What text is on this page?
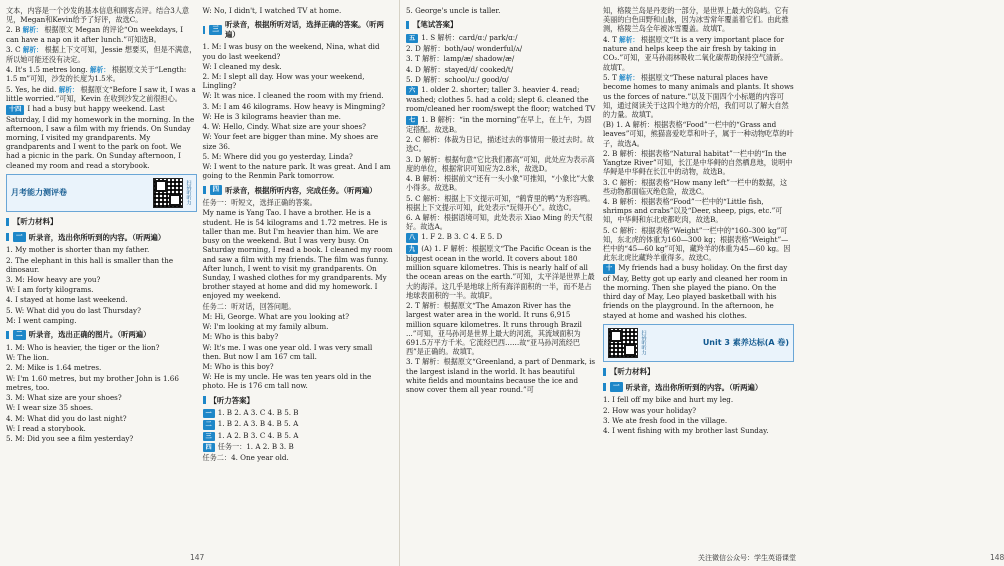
文本，内容是一个沙发的基本信息和顾客点评。结合3人意见，Megan和Kevin给予了好评，故选C。

2. B 解析： 根据原文 Megan 的评论“On weekdays, I can have a nap on it after lunch.”可知选B。

3. C 解析： 根据上下文可知，Jessie 想要买，但是不满意，所以她可能还没有决定。

4. It's 1.5 metres long. 解析： 根据原文关于“Length: 1.5 m”可知，沙发的长度为1.5米。

5. Yes, he did. 解析： 根据原文“Before I saw it, I was a little worried.”可知，Kevin 在收到沙发之前很担心。

十四 I had a busy but happy weekend. Last Saturday, I did my homework in the morning. In the afternoon, I saw a film with my friends. On Sunday morning, I visited my grandparents. My grandparents and I went to the park on foot. We had a picnic in the park. On Sunday afternoon, I cleaned my room and read a storybook.

月考能力测评卷	扫码听听力
【听力材料】
一 听录音，选出你所听到的内容。（听两遍）

1. My mother is shorter than my father.

2. The elephant in this hall is smaller than the dinosaur.

3. M: How heavy are you?

W: I am forty kilograms.

4. I stayed at home last weekend.

5. W: What did you do last Thursday?

M: I went camping.

二 听录音，选出正确的图片。（听两遍）

1. M: Who is heavier, the tiger or the lion?

W: The lion.

2. M: Mike is 1.64 metres.

W: I'm 1.60 metres, but my brother John is 1.66 metres, too.

3. M: What size are your shoes?

W: I wear size 35 shoes.

4. M: What did you do last night?

W: I read a storybook.

5. M: Did you see a film yesterday?

W: No, I didn't, I watched TV at home.

三 听录音，根据所听对话，选择正确的答案。（听两遍）

1. M: I was busy on the weekend, Nina, what did you do last weekend?

W: I cleaned my desk.

2. M: I slept all day. How was your weekend, Lingling?

W: It was nice. I cleaned the room with my friend.

3. M: I am 46 kilograms. How heavy is Mingming?

W: He is 3 kilograms heavier than me.

4. W: Hello, Cindy. What size are your shoes?

W: Your feet are bigger than mine. My shoes are size 36.

5. M: Where did you go yesterday, Linda?

W: I went to the nature park. It was great. And I am going to the Renmin Park tomorrow.

四 听录音，根据所听内容，完成任务。（听两遍）

任务一：听短文，选择正确的答案。

My name is Yang Tao. I have a brother. He is a student. He is 54 kilograms and 1.72 metres. He is taller than me. But I'm heavier than him. We are busy on the weekend. But I was very busy. On Saturday morning, I read a book. I cleaned my room and saw a film with my friends. The film was funny. After lunch, I went to visit my grandparents. On Sunday, I washed clothes for my grandparents. My brother stayed at home and did my homework. I enjoyed my weekend.

任务二：听对话，回答问题。

M: Hi, George. What are you looking at?

W: I'm looking at my family album.

M: Who is this baby?

W: It's me. I was one year old. I was very small then. But now I am 167 cm tall.

M: Who is this boy?

W: He is my uncle. He was ten years old in the photo. He is 176 cm tall now.

【听力答案】

一 1. B 2. A 3. C 4. B 5. B

二 1. B 2. A 3. B 4. B 5. A

三 1. A 2. B 3. C 4. B 5. A

四 任务一：1. A 2. B 3. B

任务二：4. One year old.

147

5. George's uncle is taller.

【笔试答案】

五 1. S 解析：card/ɑː/ park/ɑː/

2. D 解析：both/əʊ/ wonderful/ʌ/

3. T 解析：lamp/æ/ shadow/æ/

4. D 解析：stayed/d/ cooked/t/

5. D 解析：school/uː/ good/ʊ/

六 1. older 2. shorter; taller 3. heavier 4. read; washed; clothes 5. had a cold; slept 6. cleaned the room/cleaned her room/swept the floor; watched TV

七 1. B 解析：“in the morning”在早上，在上午，为固定搭配。故选B。

2. C 解析：体裁为日记，描述过去的事情用一般过去时。故选C。

3. D 解析：根据句意“它比我们都高”可知，此处应为表示高度的单位，根据常识可知应为2.8米，故选D。

4. B 解析：根据前文“还有一头小象”可推知，“小象比”大象小得多。故选B。

5. C 解析：根据上下文提示可知，“鹤背里的鸭”为形容鸭。根据上下文提示可知，此处表示“玩得开心”。故选C。

6. A 解析：根据语境可知，此处表示 Xiao Ming 的天气很好。故选A。

八 1. F 2. B 3. C 4. E 5. D

九 (A) 1. F 解析：根据原文“The Pacific Ocean is the biggest ocean in the world. It covers about 180 million square kilometres. This is nearly half of all the ocean areas on the earth.”可知，太平洋是世界上最大的海洋。这几乎是地球上所有海洋面积的一半，而不是占地球表面积的一半。故填F。

2. T 解析：根据原文“The Amazon River has the largest water area in the world. It runs 6,915 million square kilometres. It runs through Brazil ...”可知，亚马孙河是世界上最大的河流，其流域面积为691.5万平方千米。它流经巴西……故“亚马孙河流经巴西”是正确的。故填T。

3. T 解析：根据原文“Greenland, a part of Denmark, is the largest island in the world. It has beautiful white fields and mountains because the ice and snow cover them all year round.”可

知，格陵兰岛是丹麦的一部分，是世界上最大的岛屿。它有美丽的白色田野和山脉，因为冰雪常年覆盖着它们。由此推测，格陵兰岛全年被冰雪覆盖。故填T。

4. T 解析： 根据原文“It is a very important place for nature and helps keep the air fresh by taking in CO₂.”可知，亚马孙雨林吸收二氧化碳帮助保持空气清新。故填T。

5. T 解析： 根据原文“These natural places have become homes to many animals and plants. It shows us the forces of nature.”以及下面四个小标题的内容可知，通过阅读关于这四个地方的介绍，我们可以了解大自然的力量。故填T。

(B) 1. A 解析：根据表格“Food”一栏中的“Grass and leaves”可知，熊猫喜爱吃草和叶子，属于一种动物吃草的叶子，故选A。

2. B 解析：根据表格“Natural habitat”一栏中的“In the Yangtze River”可知，长江是中华鲟的自然栖息地，说明中华鲟是中华鲟在长江中的动物，故选B。

3. C 解析：根据表格“How many left”一栏中的数据，这些动物都面临灭绝危险，故选C。

4. B 解析：根据表格“Food”一栏中的“Little fish, shrimps and crabs”以及“Deer, sheep, pigs, etc.”可知，中华鲟和东北虎都吃肉，故选B。

5. C 解析：根据表格“Weight”一栏中的“160–300 kg”可知，东北虎的体重为160—300 kg；根据表格“Weight”—栏中的“45—60 kg”可知，藏羚羊的体重为45—60 kg。因此东北虎比藏羚羊重得多。故选C。

十 My friends had a busy holiday. On the first day of May, Betty got up early and cleaned her room in the morning. Then she played the piano. On the third day of May, Leo played basketball with his friends on the playground. In the afternoon, he stayed at home and washed his clothes.

扫码听听力	Unit 3 素养达标(A 卷)
【听力材料】
一 听录音，选出你所听到的内容。（听两遍）

1. I fell off my bike and hurt my leg.

2. How was your holiday?

3. We ate fresh food in the village.

4. I went fishing with my brother last Sunday.

148
关注微信公众号：学生英语课堂
